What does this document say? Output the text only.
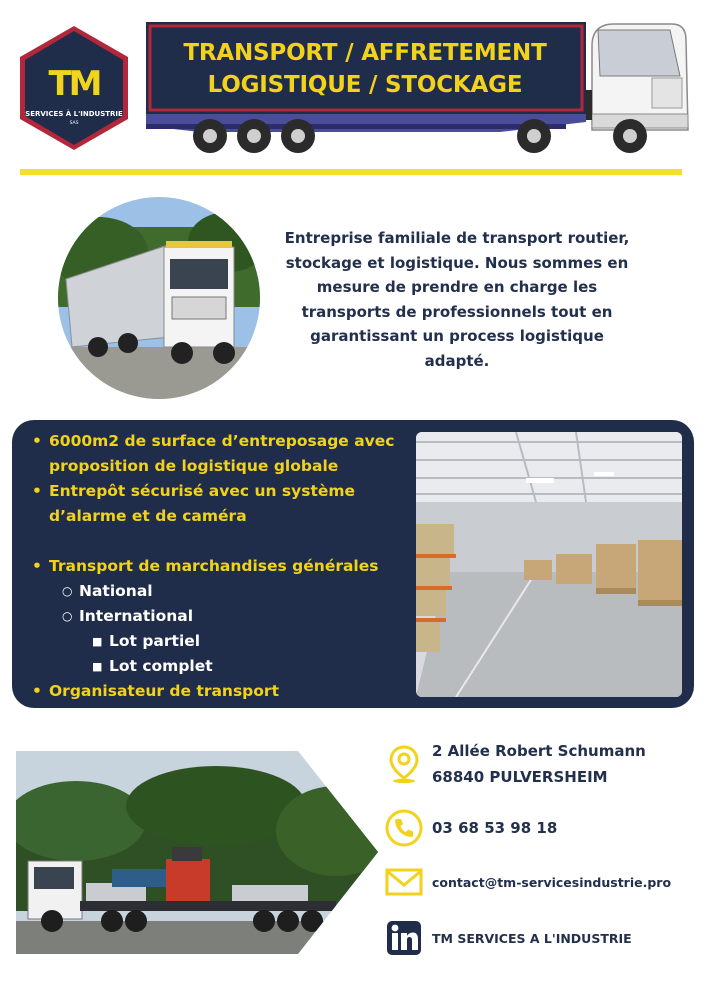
TM
SERVICES À L'INDUSTRIE
SAS
TRANSPORT / AFFRETEMENT
LOGISTIQUE / STOCKAGE
Entreprise familiale de transport routier, stockage et logistique. Nous sommes en mesure de prendre en charge les transports de professionnels tout en garantissant un process logistique adapté.
• 6000m2 de surface d’entreposage avec proposition de logistique globale
• Entrepôt sécurisé avec un système d’alarme et de caméra
• Transport de marchandises générales
○ National
○ International
■ Lot partiel
■ Lot complet
• Organisateur de transport
2 Allée Robert Schumann
68840 PULVERSHEIM
03 68 53 98 18
contact@tm-servicesindustrie.pro
TM SERVICES A L'INDUSTRIE
